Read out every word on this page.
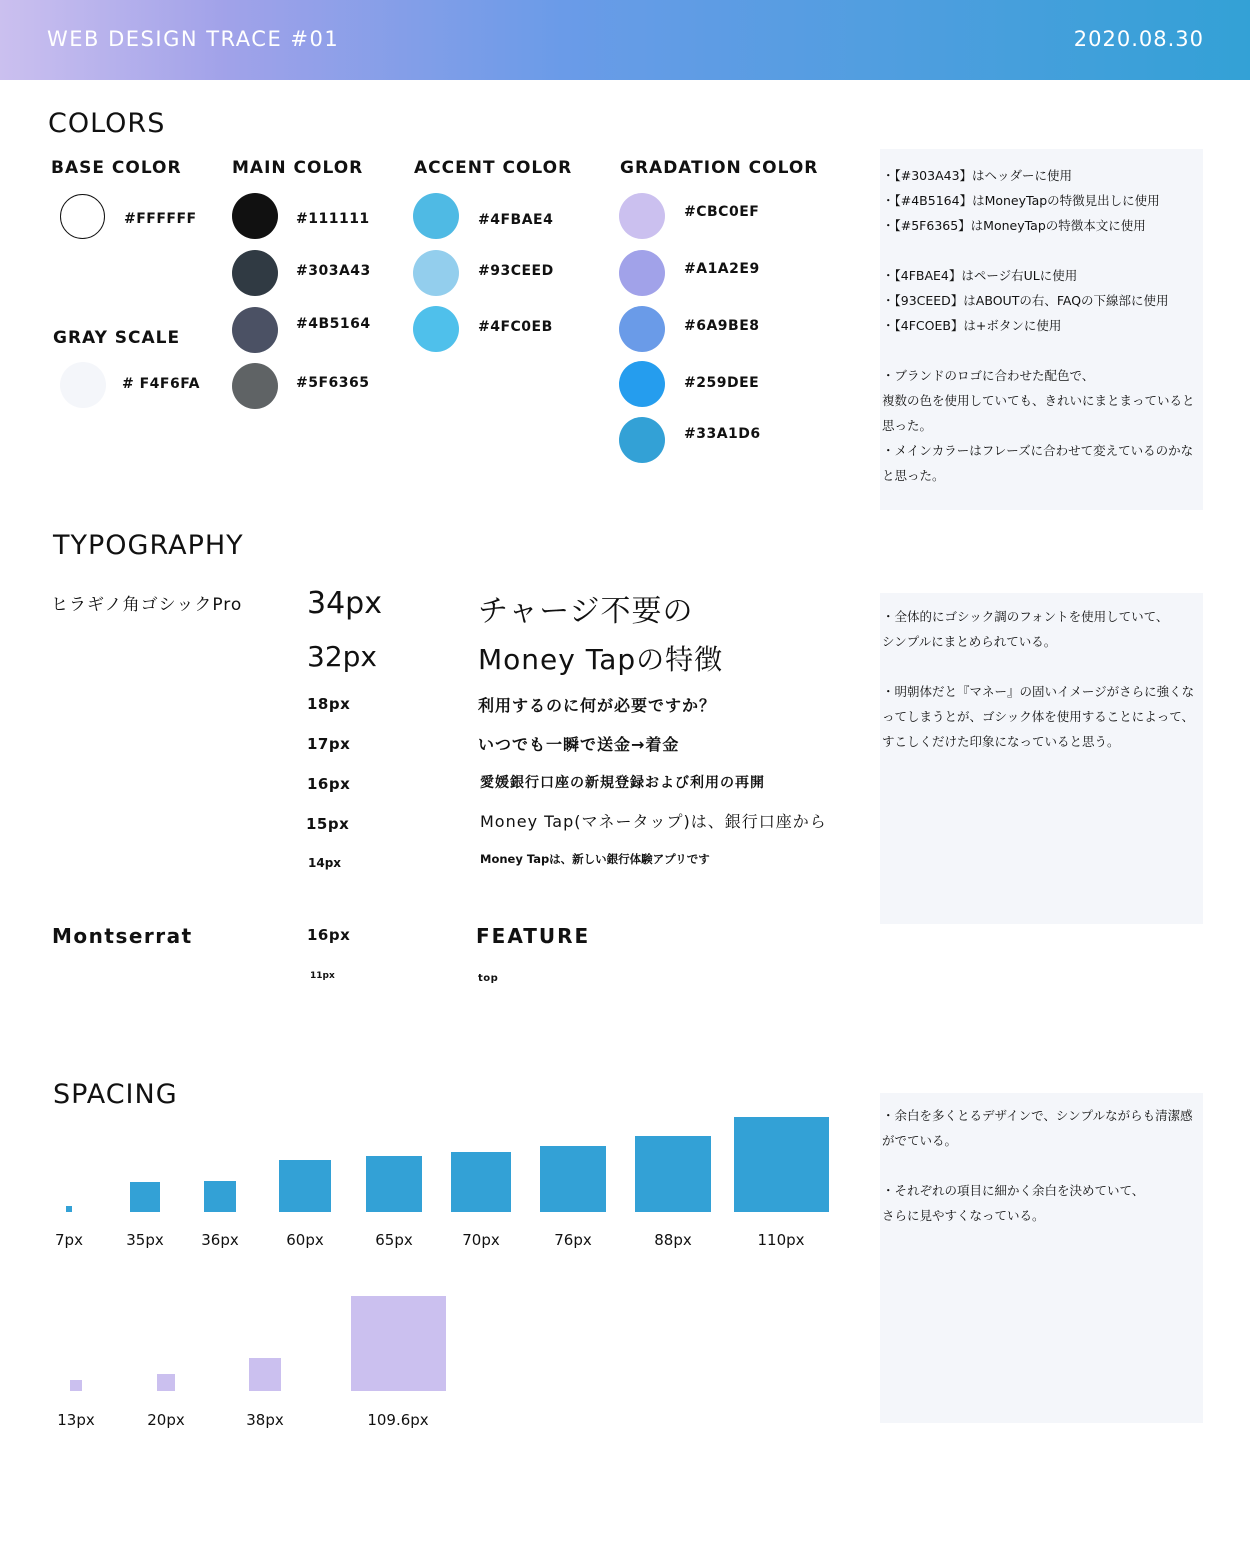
WEB DESIGN TRACE #01	2020.08.30
COLORS
BASE COLOR
#FFFFFF
GRAY SCALE
# F4F6FA
MAIN COLOR
#111111
#303A43
#4B5164
#5F6365
ACCENT COLOR
#4FBAE4
#93CEED
#4FC0EB
GRADATION COLOR
#CBC0EF
#A1A2E9
#6A9BE8
#259DEE
#33A1D6
・【#303A43】はヘッダーに使用
・【#4B5164】はMoneyTapの特徴見出しに使用
・【#5F6365】はMoneyTapの特徴本文に使用

・【4FBAE4】はページ右ULに使用
・【93CEED】はABOUTの右、FAQの下線部に使用
・【4FCOEB】は+ボタンに使用

・ブランドのロゴに合わせた配色で、
複数の色を使用していても、きれいにまとまっていると思った。
・メインカラーはフレーズに合わせて変えているのかなと思った。
TYPOGRAPHY
ヒラギノ角ゴシックPro 34px	チャージ不要の
32px	Money Tapの特徴
18px	利用するのに何が必要ですか？
17px	いつでも一瞬で送金→着金
16px	愛媛銀行口座の新規登録および利用の再開
15px	Money Tap(マネータップ)は、銀行口座から
14px	Money Tapは、新しい銀行体験アプリです
Montserrat	16px	FEATURE
11px	top
・全体的にゴシック調のフォントを使用していて、
シンプルにまとめられている。

・明朝体だと『マネー』の固いイメージがさらに強くなってしまうとが、ゴシック体を使用することによって、すこしくだけた印象になっていると思う。
SPACING
7px	35px	36px	60px	65px	70px	76px	88px	110px
13px	20px	38px	109.6px
・余白を多くとるデザインで、シンプルながらも清潔感がでている。

・それぞれの項目に細かく余白を決めていて、
さらに見やすくなっている。
